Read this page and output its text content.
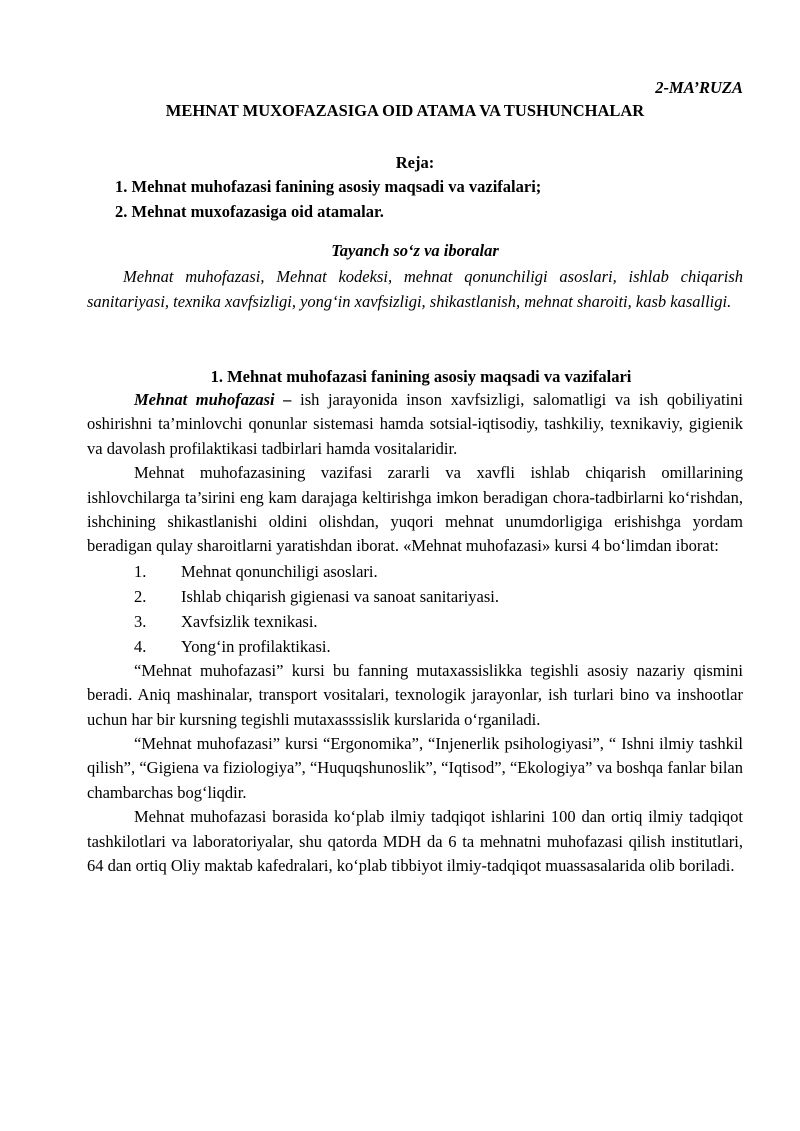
2-MA’RUZA
MEHNAT MUXOFAZASIGA OID ATAMA VA TUSHUNCHALAR
Reja:
1. Mehnat muhofazasi fanining asosiy maqsadi va vazifalari;
2. Mehnat muxofazasiga oid atamalar.
Tayanch so‘z va iboralar
Mehnat muhofazasi, Mehnat kodeksi, mehnat qonunchiligi asoslari, ishlab chiqarish sanitariyasi, texnika xavfsizligi, yong‘in xavfsizligi, shikastlanish, mehnat sharoiti, kasb kasalligi.
1. Mehnat muhofazasi fanining asosiy maqsadi va vazifalari
Mehnat muhofazasi – ish jarayonida inson xavfsizligi, salomatligi va ish qobiliyatini oshirishni ta’minlovchi qonunlar sistemasi hamda sotsial-iqtisodiy, tashkiliy, texnikaviy, gigienik va davolash profilaktikasi tadbirlari hamda vositalaridir.
Mehnat muhofazasining vazifasi zararli va xavfli ishlab chiqarish omillarining ishlovchilarga ta’sirini eng kam darajaga keltirishga imkon beradigan chora-tadbirlarni ko‘rishdan, ishchining shikastlanishi oldini olishdan, yuqori mehnat unumdorligiga erishishga yordam beradigan qulay sharoitlarni yaratishdan iborat. «Mehnat muhofazasi» kursi 4 bo‘limdan iborat:
1. Mehnat qonunchiligi asoslari.
2. Ishlab chiqarish gigienasi va sanoat sanitariyasi.
3. Xavfsizlik texnikasi.
4. Yong‘in profilaktikasi.
“Mehnat muhofazasi” kursi bu fanning mutaxassislikka tegishli asosiy nazariy qismini beradi. Aniq mashinalar, transport vositalari, texnologik jarayonlar, ish turlari bino va inshootlar uchun har bir kursning tegishli mutaxasssislik kurslarida o‘rganiladi.
“Mehnat muhofazasi” kursi “Ergonomika”, “Injenerlik psihologiyasi”, “ Ishni ilmiy tashkil qilish”, “Gigiena va fiziologiya”, “Huquqshunoslik”, “Iqtisod”, “Ekologiya” va boshqa fanlar bilan chambarchas bog‘liqdir.
Mehnat muhofazasi borasida ko‘plab ilmiy tadqiqot ishlarini 100 dan ortiq ilmiy tadqiqot tashkilotlari va laboratoriyalar, shu qatorda MDH da 6 ta mehnatni muhofazasi qilish institutlari, 64 dan ortiq Oliy maktab kafedralari, ko‘plab tibbiyot ilmiy-tadqiqot muassasalarida olib boriladi.
